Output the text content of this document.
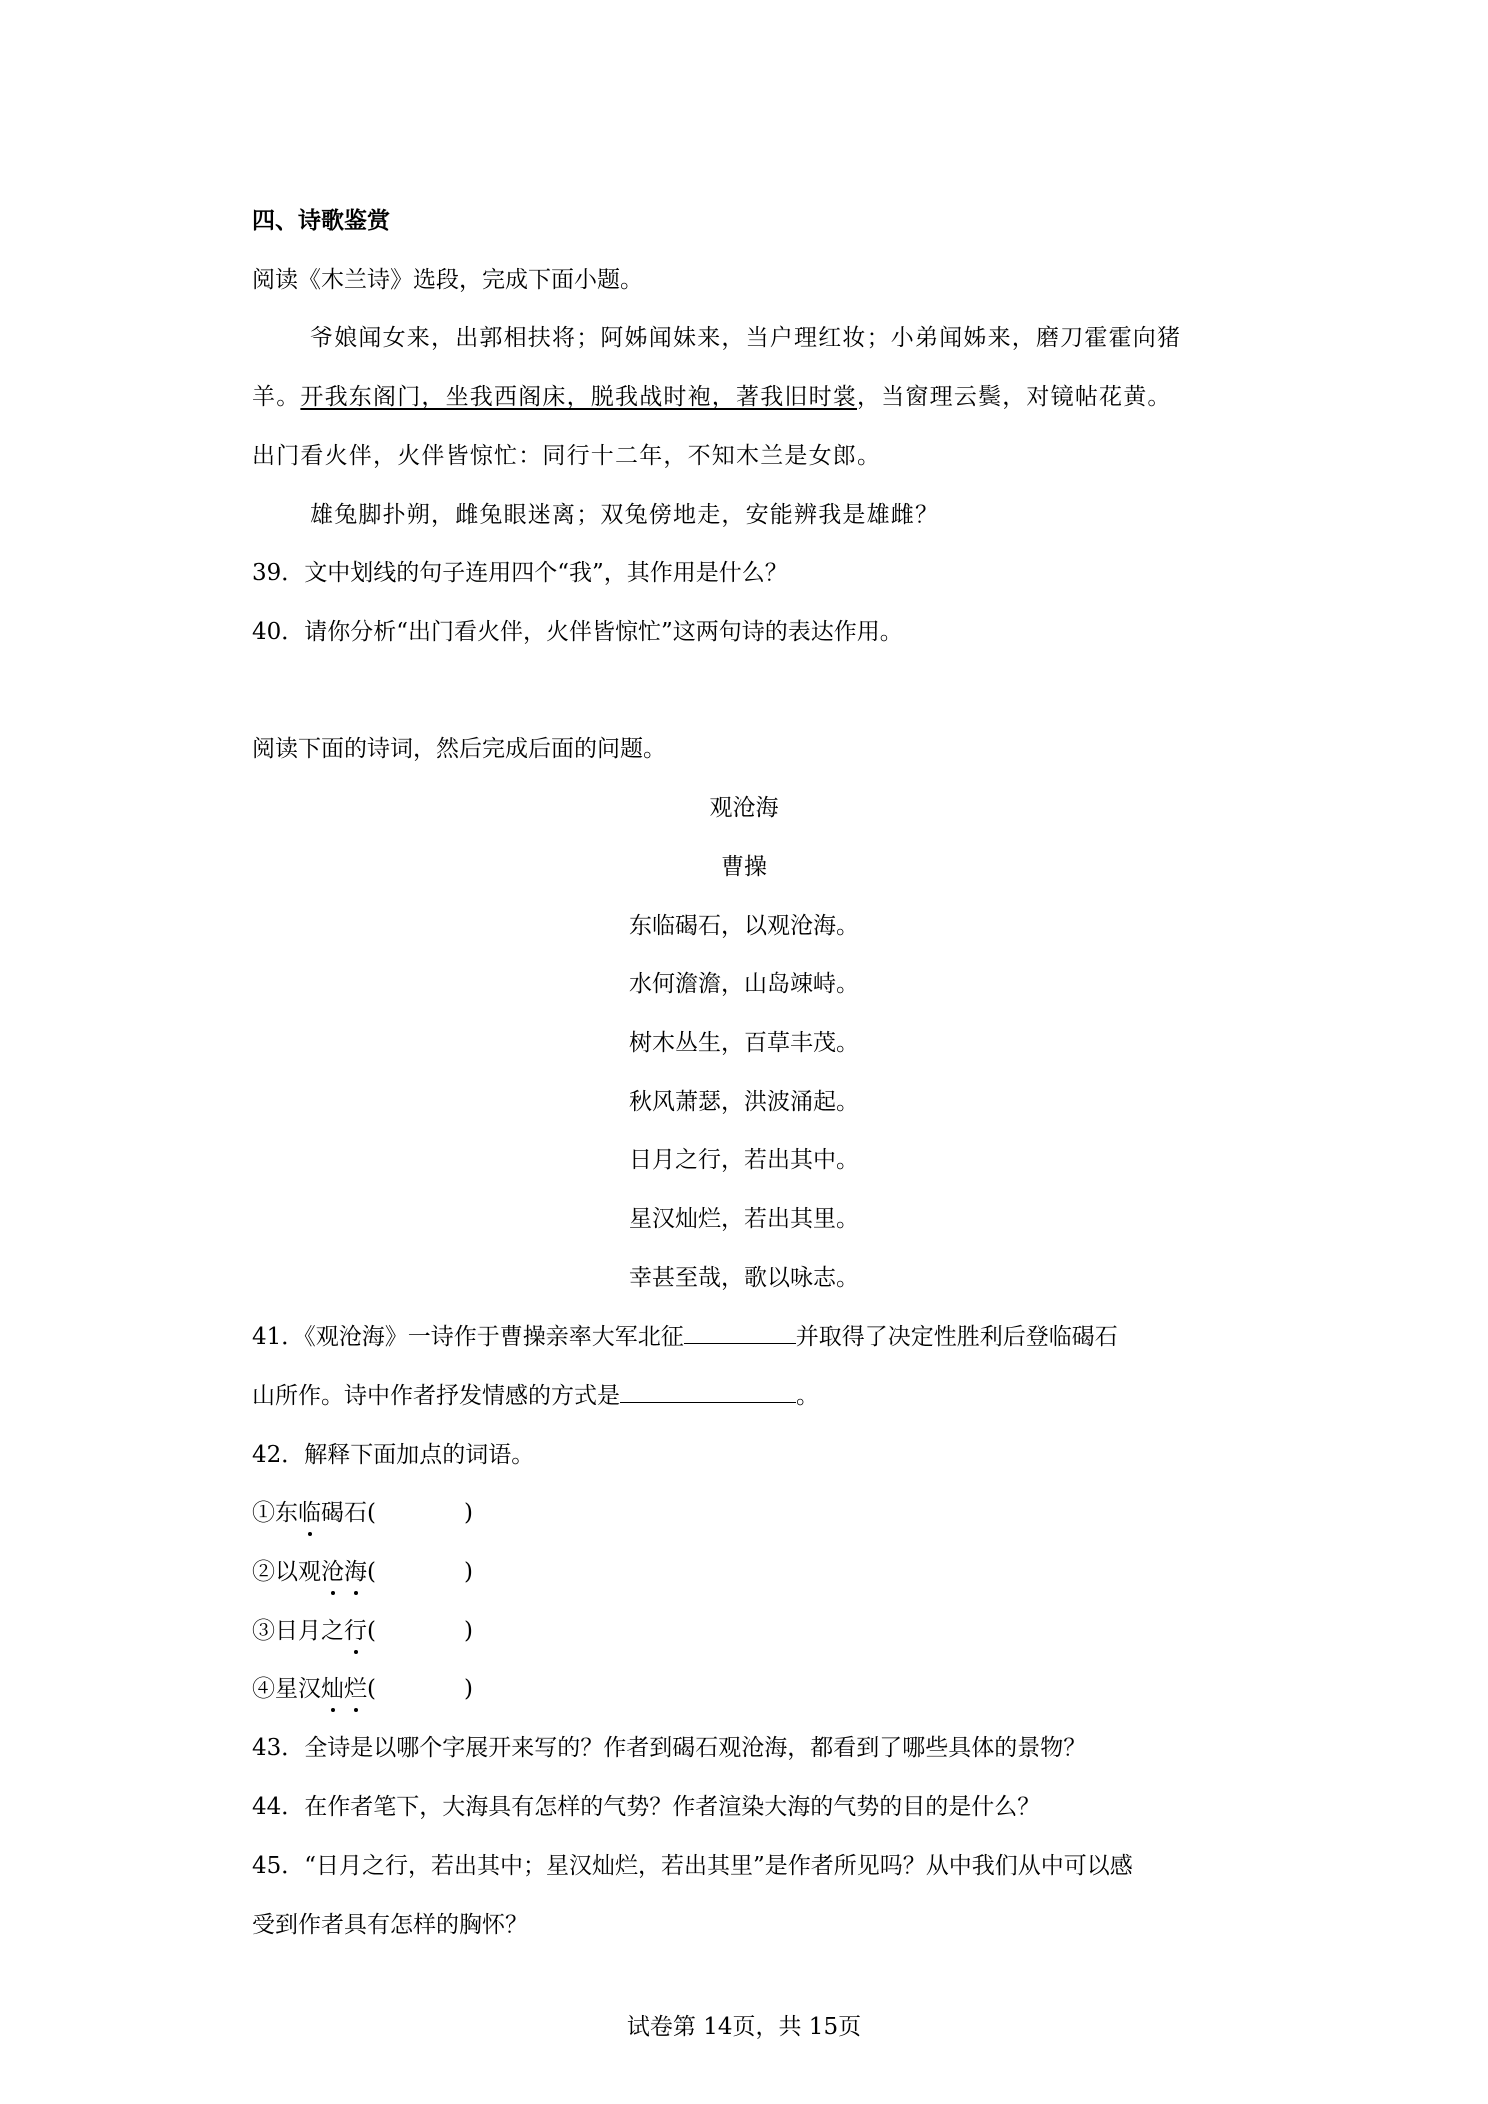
四、诗歌鉴赏
阅读《木兰诗》选段，完成下面小题。
爷娘闻女来，出郭相扶将；阿姊闻妹来，当户理红妆；小弟闻姊来，磨刀霍霍向猪
羊。开我东阁门，坐我西阁床，脱我战时袍，著我旧时裳，当窗理云鬓，对镜帖花黄。
出门看火伴，火伴皆惊忙：同行十二年，不知木兰是女郎。
雄兔脚扑朔，雌兔眼迷离；双兔傍地走，安能辨我是雄雌？
39．文中划线的句子连用四个“我”，其作用是什么？
40．请你分析“出门看火伴，火伴皆惊忙”这两句诗的表达作用。
阅读下面的诗词，然后完成后面的问题。
观沧海
曹操
东临碣石，以观沧海。
水何澹澹，山岛竦峙。
树木丛生，百草丰茂。
秋风萧瑟，洪波涌起。
日月之行，若出其中。
星汉灿烂，若出其里。
幸甚至哉，歌以咏志。
41．《观沧海》一诗作于曹操亲率大军北征	并取得了决定性胜利后登临碣石
山所作。诗中作者抒发情感的方式是	。
42．解释下面加点的词语。
①东临碣石(	)
②以观沧海(	)
③日月之行(	)
④星汉灿烂(	)
43．全诗是以哪个字展开来写的？作者到碣石观沧海，都看到了哪些具体的景物？
44．在作者笔下，大海具有怎样的气势？作者渲染大海的气势的目的是什么？
45．“日月之行，若出其中；星汉灿烂，若出其里”是作者所见吗？从中我们从中可以感
受到作者具有怎样的胸怀？
试卷第 14页，共 15页
